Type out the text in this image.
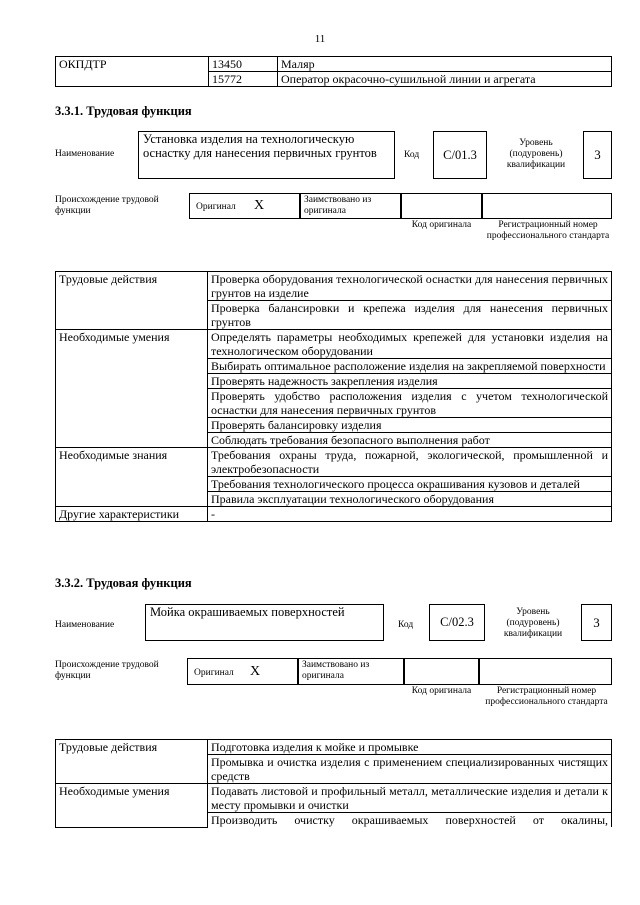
11
ОКПДТР	13450	Маляр
	15772	Оператор окрасочно-сушильной линии и агрегата
3.3.1. Трудовая функция
Наименование
Установка изделия на технологическую оснастку для нанесения первичных грунтов	Код	C/01.3
Уровень (подуровень) квалификации
3
Происхождение трудовой функции	Оригинал X	Заимствовано из оригинала
Код оригинала	Регистрационный номер профессионального стандарта
Трудовые действия	Проверка оборудования технологической оснастки для нанесения первичных грунтов на изделие
	Проверка балансировки и крепежа изделия для нанесения первичных грунтов
Необходимые умения	Определять параметры необходимых крепежей для установки изделия на технологическом оборудовании
	Выбирать оптимальное расположение изделия на закрепляемой поверхности
	Проверять надежность закрепления изделия
	Проверять удобство расположения изделия с учетом технологической оснастки для нанесения первичных грунтов
	Проверять балансировку изделия
	Соблюдать требования безопасного выполнения работ
Необходимые знания	Требования охраны труда, пожарной, экологической, промышленной и электробезопасности
	Требования технологического процесса окрашивания кузовов и деталей
	Правила эксплуатации технологического оборудования
Другие характеристики	-
3.3.2. Трудовая функция
Наименование
Мойка окрашиваемых поверхностей
Код	C/02.3
Уровень (подуровень) квалификации
3
Происхождение трудовой функции	Оригинал X	Заимствовано из оригинала
Код оригинала	Регистрационный номер профессионального стандарта
Трудовые действия	Подготовка изделия к мойке и промывке
	Промывка и очистка изделия с применением специализированных чистящих средств
Необходимые умения	Подавать листовой и профильный металл, металлические изделия и детали к месту промывки и очистки
	Производить очистку окрашиваемых поверхностей от окалины,
